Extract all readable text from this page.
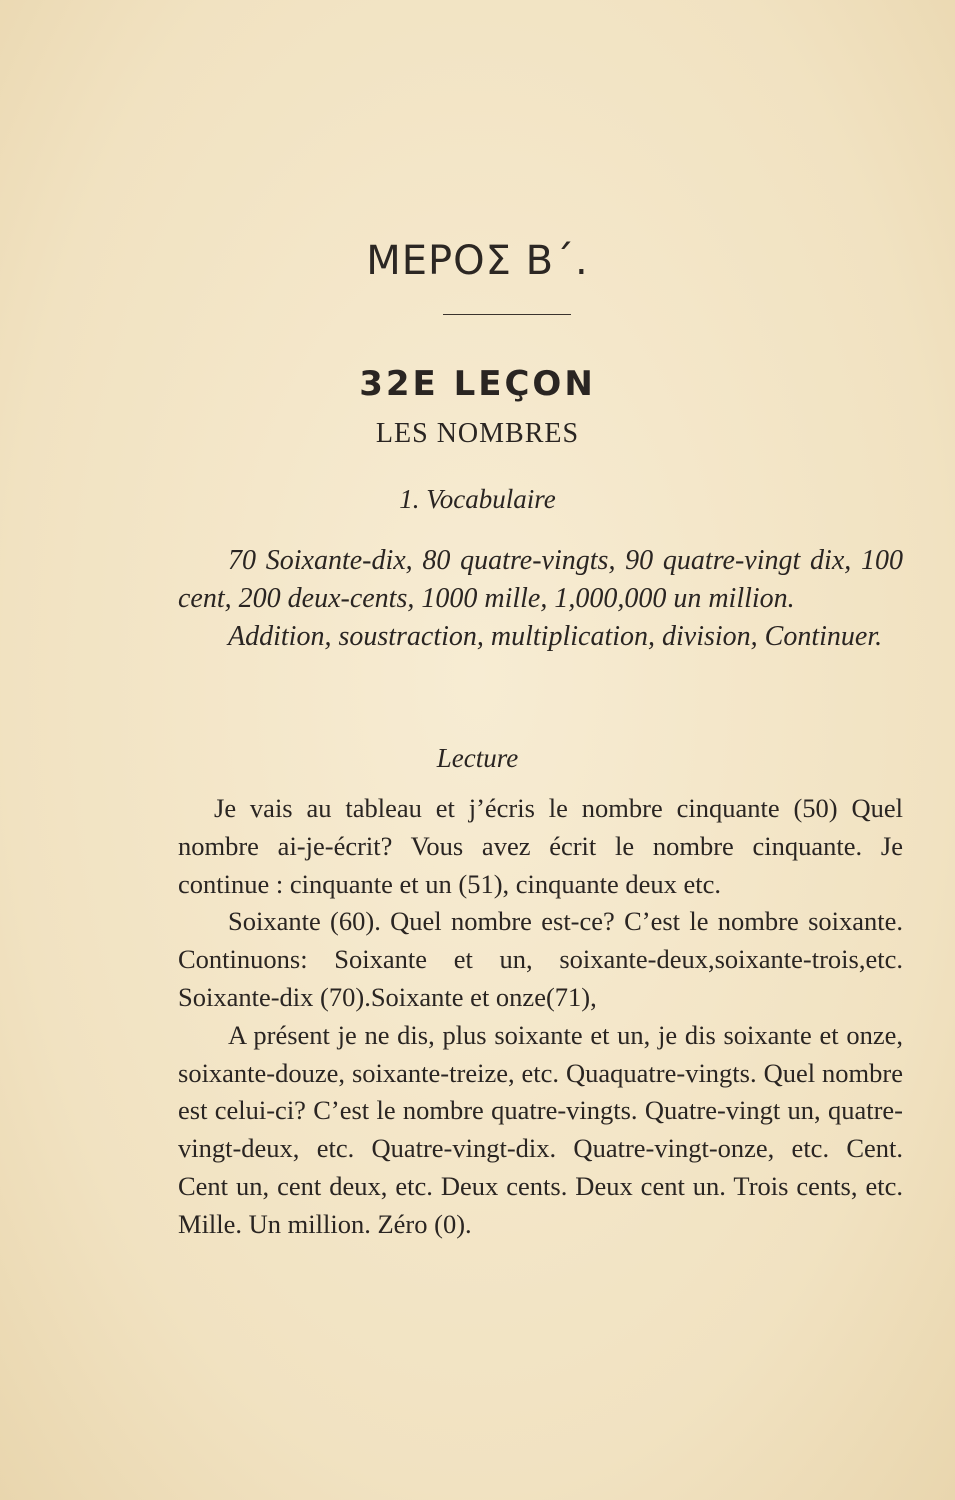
ΜΕΡΟΣ Β΄.
32E LEÇON
LES NOMBRES
1. Vocabulaire

70 Soixante-dix, 80 quatre-vingts, 90 quatre-vingt dix, 100 cent, 200 deux-cents, 1000 mille, 1,000,000 un million.

Addition, soustraction, multiplication, division, Continuer.

Lecture

Je vais au tableau et j’écris le nombre cinquante (50) Quel nombre ai-je-écrit? Vous avez écrit le nombre cinquante. Je continue : cinquante et un (51), cinquante deux etc.

Soixante (60). Quel nombre est-ce? C’est le nombre soixante. Continuons: Soixante et un, soixante-deux,soixante-trois,etc. Soixante-dix (70).Soixante et onze(71),

A présent je ne dis, plus soixante et un, je dis soixante et onze, soixante-douze, soixante-treize, etc. Quaquatre-vingts. Quel nombre est celui-ci? C’est le nombre quatre-vingts. Quatre-vingt un, quatre-vingt-deux, etc. Quatre-vingt-dix. Quatre-vingt-onze, etc. Cent. Cent un, cent deux, etc. Deux cents. Deux cent un. Trois cents, etc. Mille. Un million. Zéro (0).
